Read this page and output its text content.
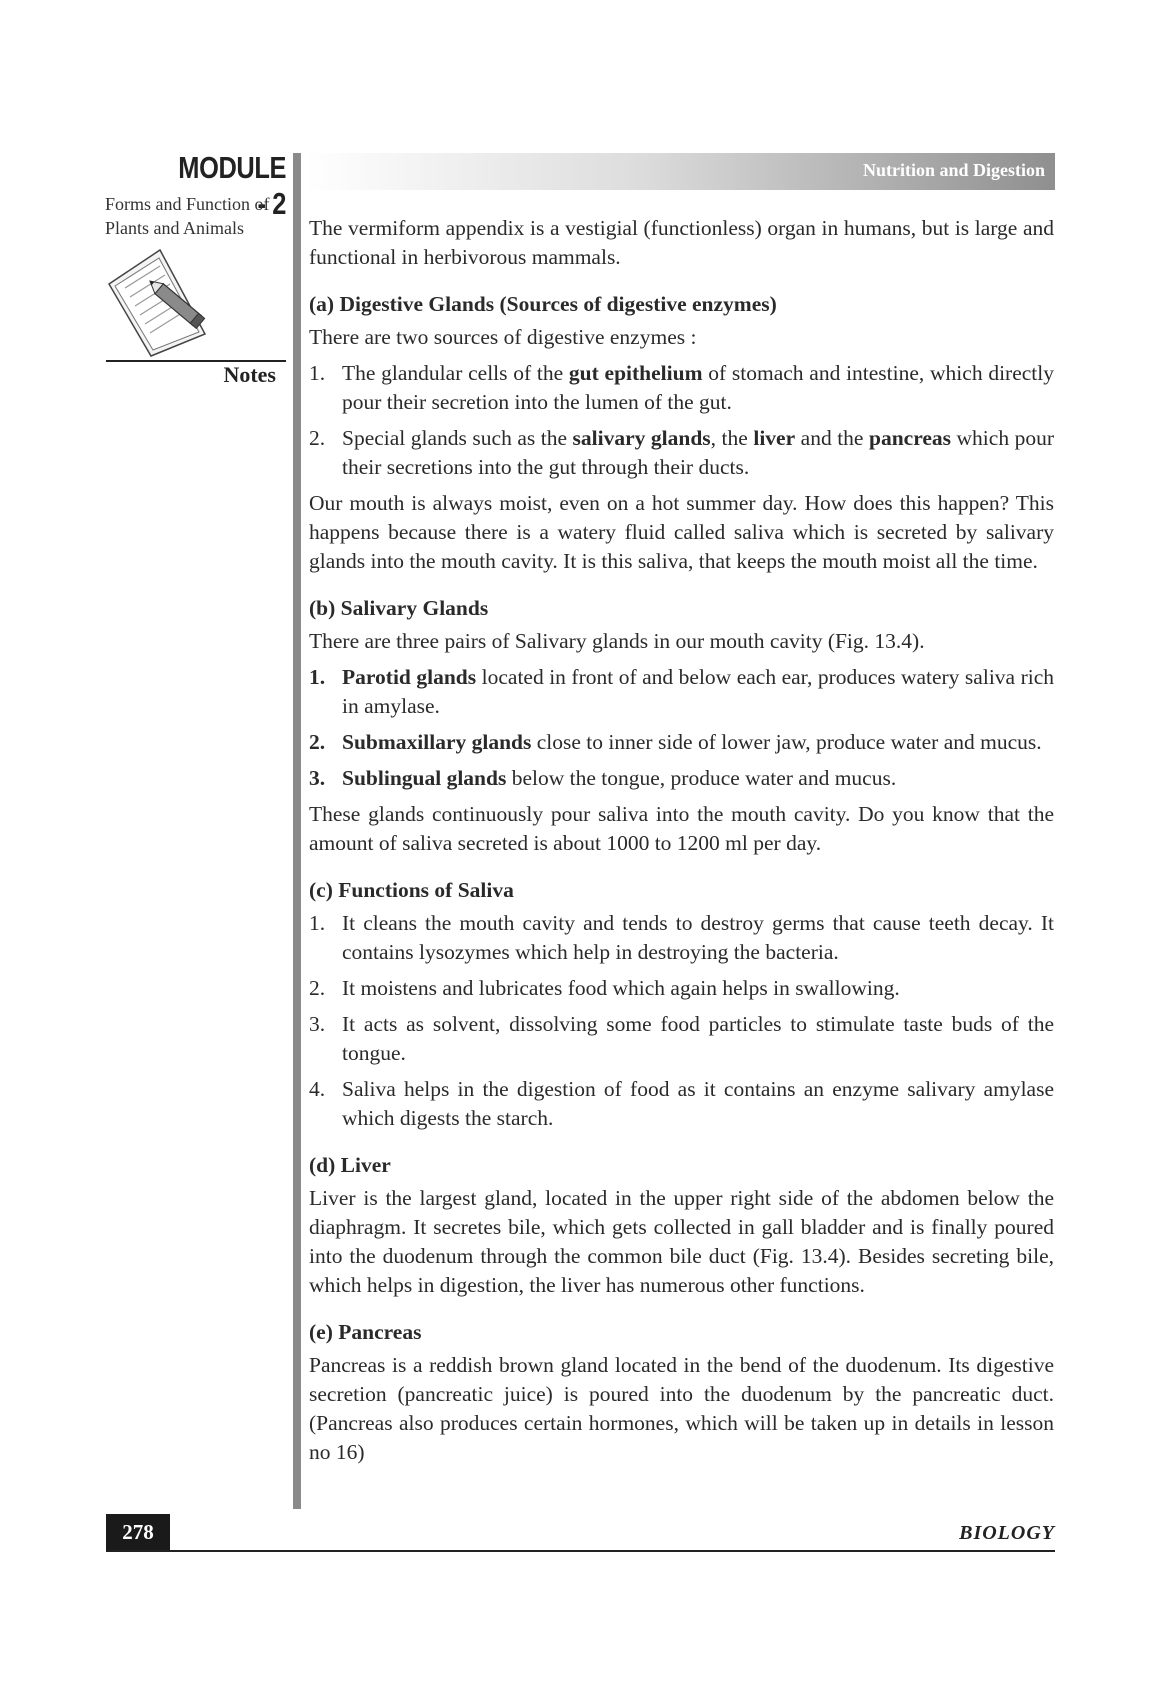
MODULE - 2
Forms and Function of
Plants and Animals
Notes
Nutrition and Digestion

The vermiform appendix is a vestigial (functionless) organ in humans, but is large and functional in herbivorous mammals.

(a) Digestive Glands (Sources of digestive enzymes)

There are two sources of digestive enzymes :

1. The glandular cells of the gut epithelium of stomach and intestine, which directly pour their secretion into the lumen of the gut.
2. Special glands such as the salivary glands, the liver and the pancreas which pour their secretions into the gut through their ducts.

Our mouth is always moist, even on a hot summer day. How does this happen? This happens because there is a watery fluid called saliva which is secreted by salivary glands into the mouth cavity. It is this saliva, that keeps the mouth moist all the time.

(b) Salivary Glands

There are three pairs of Salivary glands in our mouth cavity (Fig. 13.4).

1. Parotid glands located in front of and below each ear, produces watery saliva rich in amylase.
2. Submaxillary glands close to inner side of lower jaw, produce water and mucus.
3. Sublingual glands below the tongue, produce water and mucus.

These glands continuously pour saliva into the mouth cavity. Do you know that the amount of saliva secreted is about 1000 to 1200 ml per day.

(c) Functions of Saliva
1. It cleans the mouth cavity and tends to destroy germs that cause teeth decay. It contains lysozymes which help in destroying the bacteria.
2. It moistens and lubricates food which again helps in swallowing.
3. It acts as solvent, dissolving some food particles to stimulate taste buds of the tongue.
4. Saliva helps in the digestion of food as it contains an enzyme salivary amylase which digests the starch.
(d) Liver

Liver is the largest gland, located in the upper right side of the abdomen below the diaphragm. It secretes bile, which gets collected in gall bladder and is finally poured into the duodenum through the common bile duct (Fig. 13.4). Besides secreting bile, which helps in digestion, the liver has numerous other functions.

(e) Pancreas

Pancreas is a reddish brown gland located in the bend of the duodenum. Its digestive secretion (pancreatic juice) is poured into the duodenum by the pancreatic duct. (Pancreas also produces certain hormones, which will be taken up in details in lesson no 16)

278	BIOLOGY
